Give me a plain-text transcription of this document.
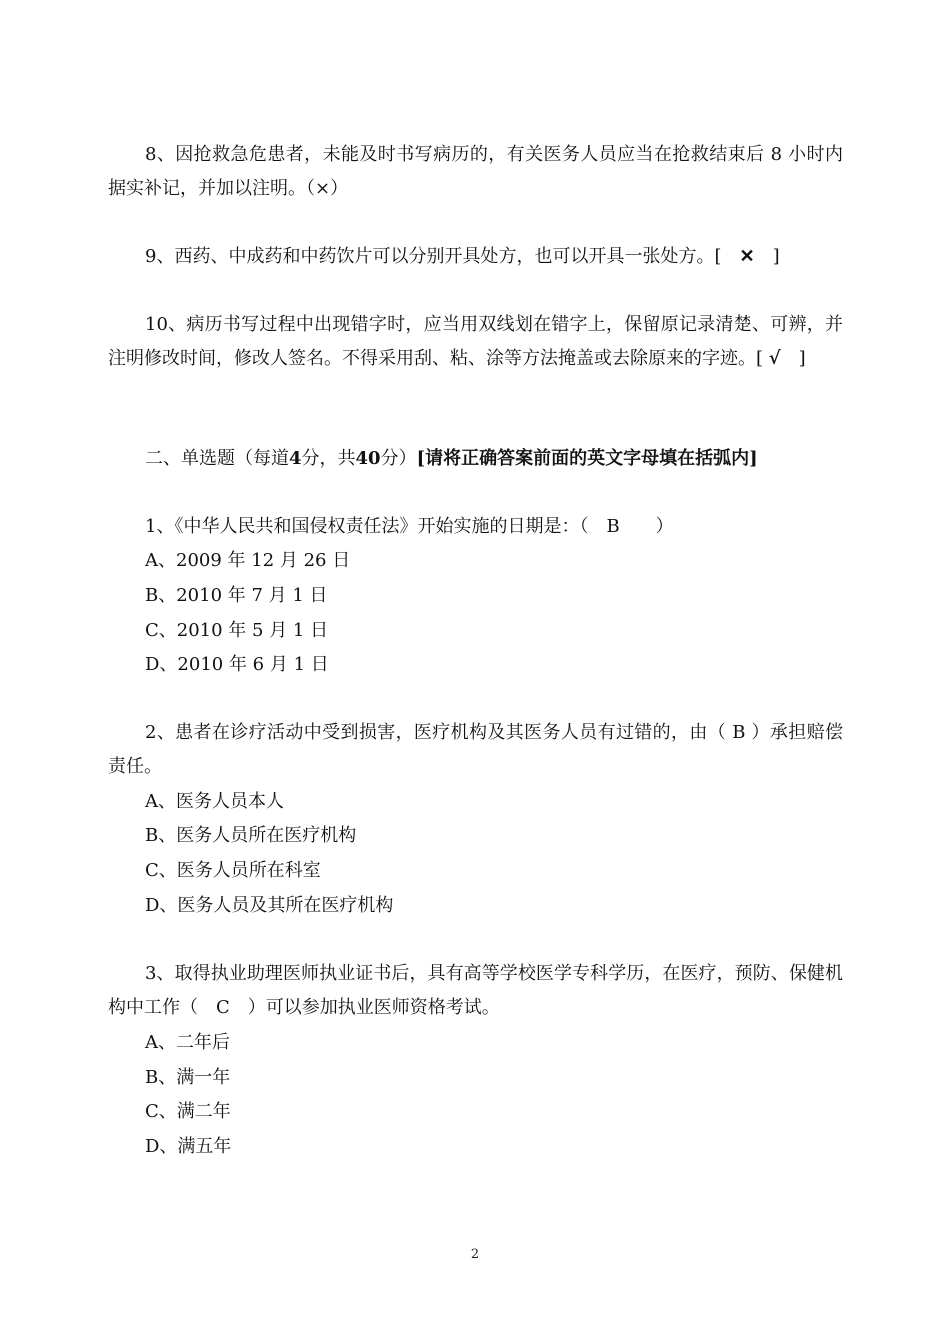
8、因抢救急危患者，未能及时书写病历的，有关医务人员应当在抢救结束后 8 小时内据实补记，并加以注明。（×）
9、西药、中成药和中药饮片可以分别开具处方，也可以开具一张处方。[　✕　]
10、病历书写过程中出现错字时，应当用双线划在错字上，保留原记录清楚、可辨，并注明修改时间，修改人签名。不得采用刮、粘、涂等方法掩盖或去除原来的字迹。[ √　]
二、单选题（每道4分，共40分）[请将正确答案前面的英文字母填在括弧内]
1、《中华人民共和国侵权责任法》开始实施的日期是：（　B　　）
A、2009 年 12 月 26 日
B、2010 年 7 月 1 日
C、2010 年 5 月 1 日
D、2010 年 6 月 1 日
2、患者在诊疗活动中受到损害，医疗机构及其医务人员有过错的，由（ B ）承担赔偿责任。
A、医务人员本人
B、医务人员所在医疗机构
C、医务人员所在科室
D、医务人员及其所在医疗机构
3、取得执业助理医师执业证书后，具有高等学校医学专科学历，在医疗，预防、保健机构中工作（　C　）可以参加执业医师资格考试。
A、二年后
B、满一年
C、满二年
D、满五年
2
